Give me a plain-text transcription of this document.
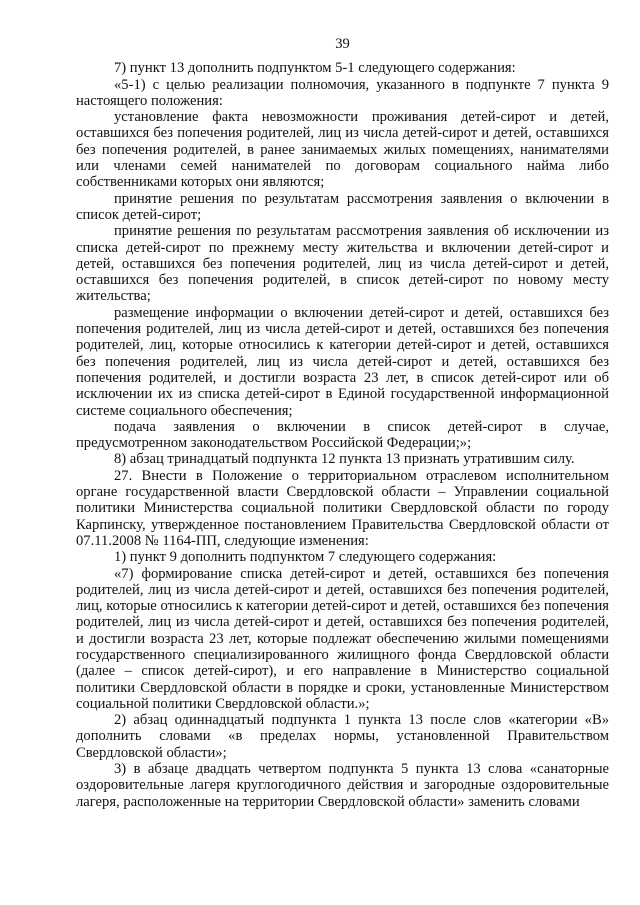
39

7) пункт 13 дополнить подпунктом 5-1 следующего содержания:

«5-1) с целью реализации полномочия, указанного в подпункте 7 пункта 9 настоящего положения:

установление факта невозможности проживания детей-сирот и детей, оставшихся без попечения родителей, лиц из числа детей-сирот и детей, оставшихся без попечения родителей, в ранее занимаемых жилых помещениях, нанимателями или членами семей нанимателей по договорам социального найма либо собственниками которых они являются;

принятие решения по результатам рассмотрения заявления о включении в список детей-сирот;

принятие решения по результатам рассмотрения заявления об исключении из списка детей-сирот по прежнему месту жительства и включении детей-сирот и детей, оставшихся без попечения родителей, лиц из числа детей-сирот и детей, оставшихся без попечения родителей, в список детей-сирот по новому месту жительства;

размещение информации о включении детей-сирот и детей, оставшихся без попечения родителей, лиц из числа детей-сирот и детей, оставшихся без попечения родителей, лиц, которые относились к категории детей-сирот и детей, оставшихся без попечения родителей, лиц из числа детей-сирот и детей, оставшихся без попечения родителей, и достигли возраста 23 лет, в список детей-сирот или об исключении их из списка детей-сирот в Единой государственной информационной системе социального обеспечения;

подача заявления о включении в список детей-сирот в случае, предусмотренном законодательством Российской Федерации;»;

8) абзац тринадцатый подпункта 12 пункта 13 признать утратившим силу.

27. Внести в Положение о территориальном отраслевом исполнительном органе государственной власти Свердловской области – Управлении социальной политики Министерства социальной политики Свердловской области по городу Карпинску, утвержденное постановлением Правительства Свердловской области от 07.11.2008 № 1164-ПП, следующие изменения:

1) пункт 9 дополнить подпунктом 7 следующего содержания:

«7) формирование списка детей-сирот и детей, оставшихся без попечения родителей, лиц из числа детей-сирот и детей, оставшихся без попечения родителей, лиц, которые относились к категории детей-сирот и детей, оставшихся без попечения родителей, лиц из числа детей-сирот и детей, оставшихся без попечения родителей, и достигли возраста 23 лет, которые подлежат обеспечению жилыми помещениями государственного специализированного жилищного фонда Свердловской области (далее – список детей-сирот), и его направление в Министерство социальной политики Свердловской области в порядке и сроки, установленные Министерством социальной политики Свердловской области.»;

2) абзац одиннадцатый подпункта 1 пункта 13 после слов «категории «В» дополнить словами «в пределах нормы, установленной Правительством Свердловской области»;

3) в абзаце двадцать четвертом подпункта 5 пункта 13 слова «санаторные оздоровительные лагеря круглогодичного действия и загородные оздоровительные лагеря, расположенные на территории Свердловской области» заменить словами
